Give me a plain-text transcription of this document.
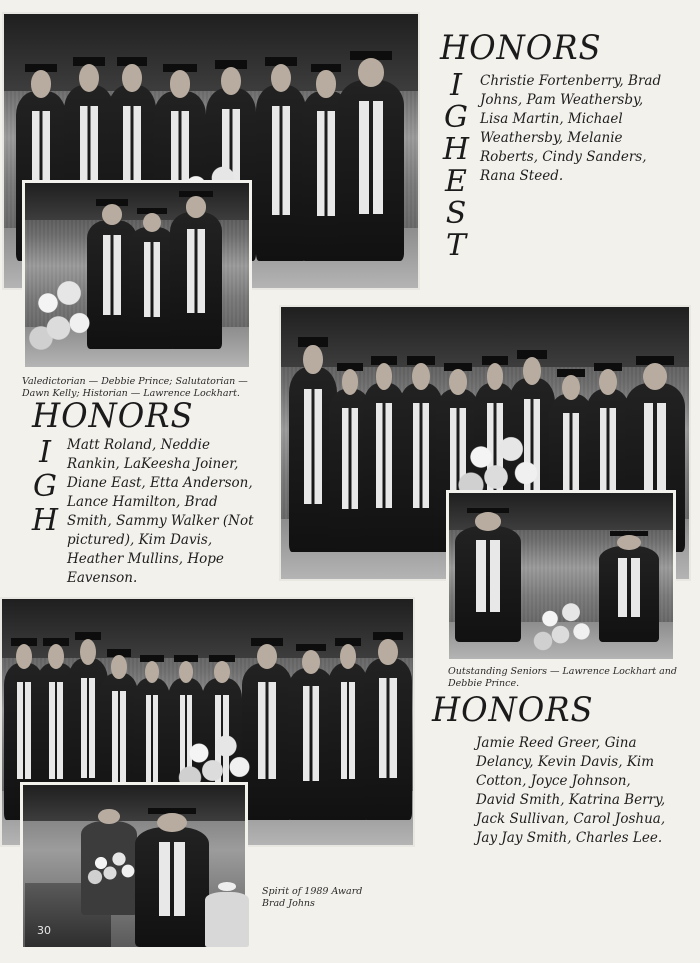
30
HONORS
I
G
H
E
S
T
Christie Fortenberry, Brad
Johns, Pam Weathersby,
Lisa Martin, Michael
Weathersby, Melanie
Roberts, Cindy Sanders,
Rana Steed.
Valedictorian — Debbie Prince; Salutatorian —
Dawn Kelly; Historian — Lawrence Lockhart.
HONORS
I
G
H
Matt Roland, Neddie
Rankin, LaKeesha Joiner,
Diane East, Etta Anderson,
Lance Hamilton, Brad
Smith, Sammy Walker (Not
pictured), Kim Davis,
Heather Mullins, Hope
Eavenson.
Outstanding Seniors — Lawrence Lockhart and
Debbie Prince.
HONORS
Jamie Reed Greer, Gina
Delancy, Kevin Davis, Kim
Cotton, Joyce Johnson,
David Smith, Katrina Berry,
Jack Sullivan, Carol Joshua,
Jay Jay Smith, Charles Lee.
Spirit of 1989 Award
Brad Johns
